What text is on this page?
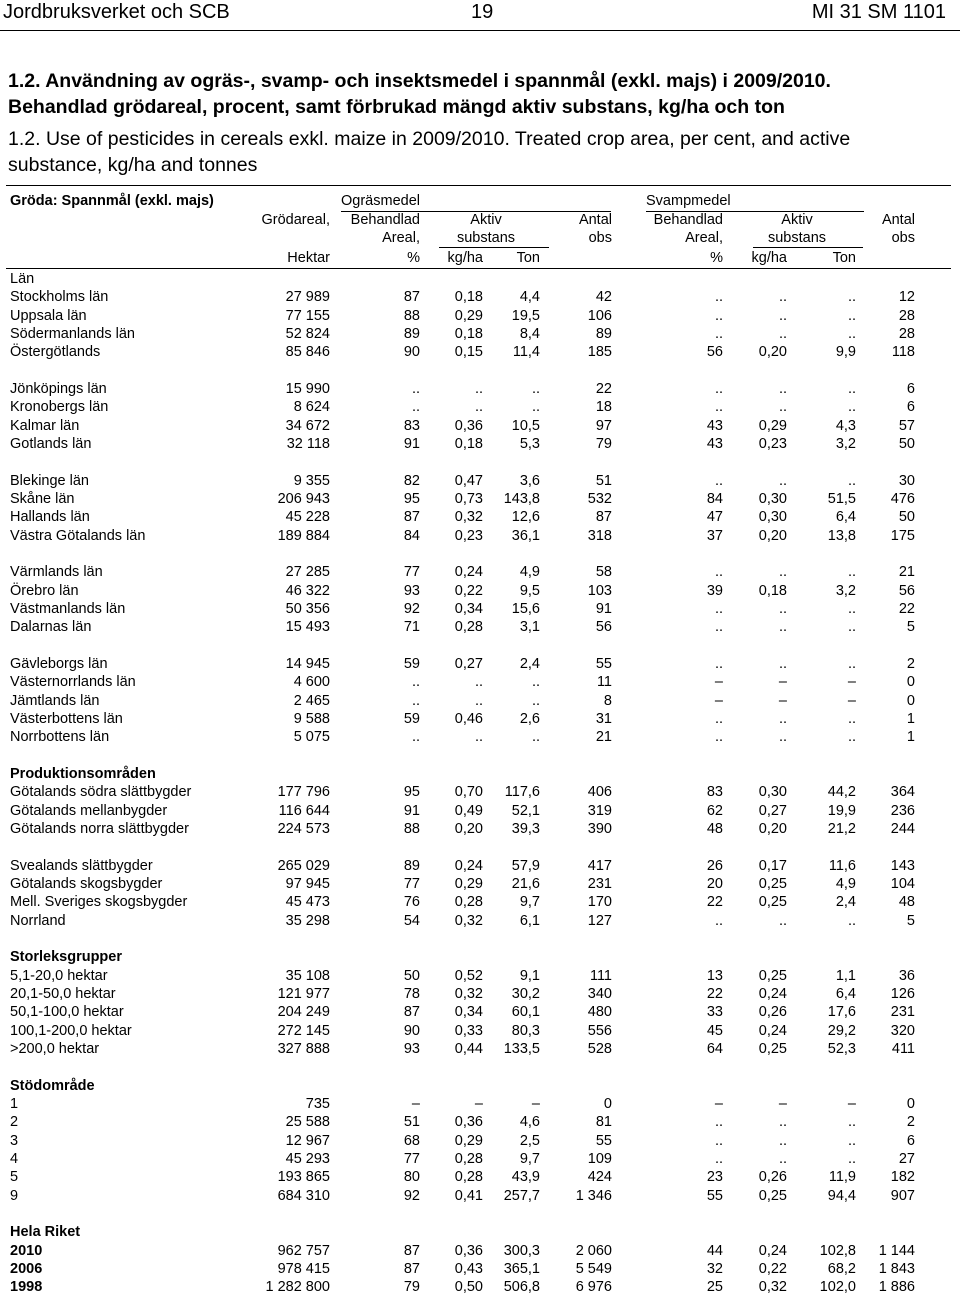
Jordbruksverket och SCB	19	MI 31 SM 1101
1.2. Användning av ogräs-, svamp- och insektsmedel i spannmål (exkl. majs) i 2009/2010.
Behandlad grödareal, procent, samt förbrukad mängd aktiv substans, kg/ha och ton
1.2. Use of pesticides in cereals exkl. maize in 2009/2010. Treated crop area, per cent, and active
substance, kg/ha and tonnes
Gröda: Spannmål (exkl. majs)	Ogräsmedel	Svampmedel
Grödareal,	Behandlad	Aktiv	Antal	Behandlad	Aktiv	Antal
Areal,	substans	obs	Areal,	substans	obs
Hektar	%	kg/ha	Ton	%	kg/ha	Ton
Län
Stockholms län	27 989	87	0,18	4,4	42	..	..	..	12
Uppsala län	77 155	88	0,29	19,5	106	..	..	..	28
Södermanlands län	52 824	89	0,18	8,4	89	..	..	..	28
Östergötlands	85 846	90	0,15	11,4	185	56	0,20	9,9	118
Jönköpings län	15 990	..	..	..	22	..	..	..	6
Kronobergs län	8 624	..	..	..	18	..	..	..	6
Kalmar län	34 672	83	0,36	10,5	97	43	0,29	4,3	57
Gotlands län	32 118	91	0,18	5,3	79	43	0,23	3,2	50
Blekinge län	9 355	82	0,47	3,6	51	..	..	..	30
Skåne län	206 943	95	0,73	143,8	532	84	0,30	51,5	476
Hallands län	45 228	87	0,32	12,6	87	47	0,30	6,4	50
Västra Götalands län	189 884	84	0,23	36,1	318	37	0,20	13,8	175
Värmlands län	27 285	77	0,24	4,9	58	..	..	..	21
Örebro län	46 322	93	0,22	9,5	103	39	0,18	3,2	56
Västmanlands län	50 356	92	0,34	15,6	91	..	..	..	22
Dalarnas län	15 493	71	0,28	3,1	56	..	..	..	5
Gävleborgs län	14 945	59	0,27	2,4	55	..	..	..	2
Västernorrlands län	4 600	..	..	..	11	–	–	–	0
Jämtlands län	2 465	..	..	..	8	–	–	–	0
Västerbottens län	9 588	59	0,46	2,6	31	..	..	..	1
Norrbottens län	5 075	..	..	..	21	..	..	..	1
Produktionsområden
Götalands södra slättbygder	177 796	95	0,70	117,6	406	83	0,30	44,2	364
Götalands mellanbygder	116 644	91	0,49	52,1	319	62	0,27	19,9	236
Götalands norra slättbygder	224 573	88	0,20	39,3	390	48	0,20	21,2	244
Svealands slättbygder	265 029	89	0,24	57,9	417	26	0,17	11,6	143
Götalands skogsbygder	97 945	77	0,29	21,6	231	20	0,25	4,9	104
Mell. Sveriges skogsbygder	45 473	76	0,28	9,7	170	22	0,25	2,4	48
Norrland	35 298	54	0,32	6,1	127	..	..	..	5
Storleksgrupper
5,1-20,0 hektar	35 108	50	0,52	9,1	111	13	0,25	1,1	36
20,1-50,0 hektar	121 977	78	0,32	30,2	340	22	0,24	6,4	126
50,1-100,0 hektar	204 249	87	0,34	60,1	480	33	0,26	17,6	231
100,1-200,0 hektar	272 145	90	0,33	80,3	556	45	0,24	29,2	320
>200,0 hektar	327 888	93	0,44	133,5	528	64	0,25	52,3	411
Stödområde
1	735	–	–	–	0	–	–	–	0
2	25 588	51	0,36	4,6	81	..	..	..	2
3	12 967	68	0,29	2,5	55	..	..	..	6
4	45 293	77	0,28	9,7	109	..	..	..	27
5	193 865	80	0,28	43,9	424	23	0,26	11,9	182
9	684 310	92	0,41	257,7	1 346	55	0,25	94,4	907
Hela Riket
2010	962 757	87	0,36	300,3	2 060	44	0,24	102,8	1 144
2006	978 415	87	0,43	365,1	5 549	32	0,22	68,2	1 843
1998	1 282 800	79	0,50	506,8	6 976	25	0,32	102,0	1 886
